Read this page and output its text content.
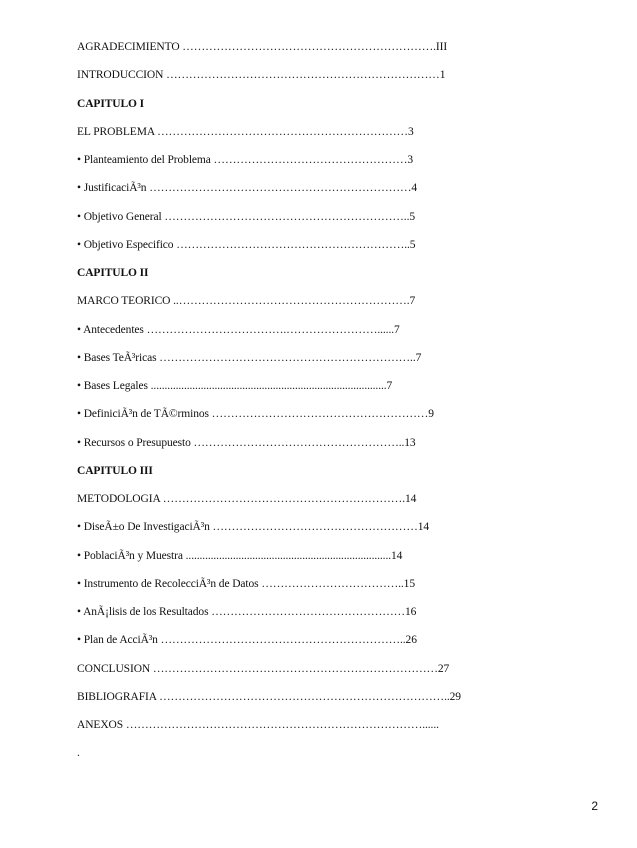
AGRADECIMIENTO ………………………………………………………….III
INTRODUCCION ………………………………………………………………1
CAPITULO I
EL PROBLEMA …………………………………………………………3
• Planteamiento del Problema ……………………………………………3
• JustificaciÃ³n ……………………………………………………………4
• Objetivo General ………………………………………………………..5
• Objetivo Especifico ……………………………………………………..5
CAPITULO II
MARCO TEORICO ..…………………………………………………….7
• Antecedentes ……………………………….……………………......7
• Bases TeÃ³ricas …………………………………………………………..7
• Bases Legales .....................................................................................7
• DefiniciÃ³n de TÃ©rminos …………………………………………………9
• Recursos o Presupuesto ………………………………………………..13
CAPITULO III
METODOLOGIA ……………………………………………………….14
• DiseÃ±o De InvestigaciÃ³n ………………………………………………14
• PoblaciÃ³n y Muestra ..........................................................................14
• Instrumento de RecolecciÃ³n de Datos ………………………………..15
• AnÃ¡lisis de los Resultados ……………………………………………16
• Plan de AcciÃ³n ………………………………………………………..26
CONCLUSION …………………………………………………………………27
BIBLIOGRAFIA …………………………………………………………………..29
ANEXOS ……………………………………………………………………......
.
2
